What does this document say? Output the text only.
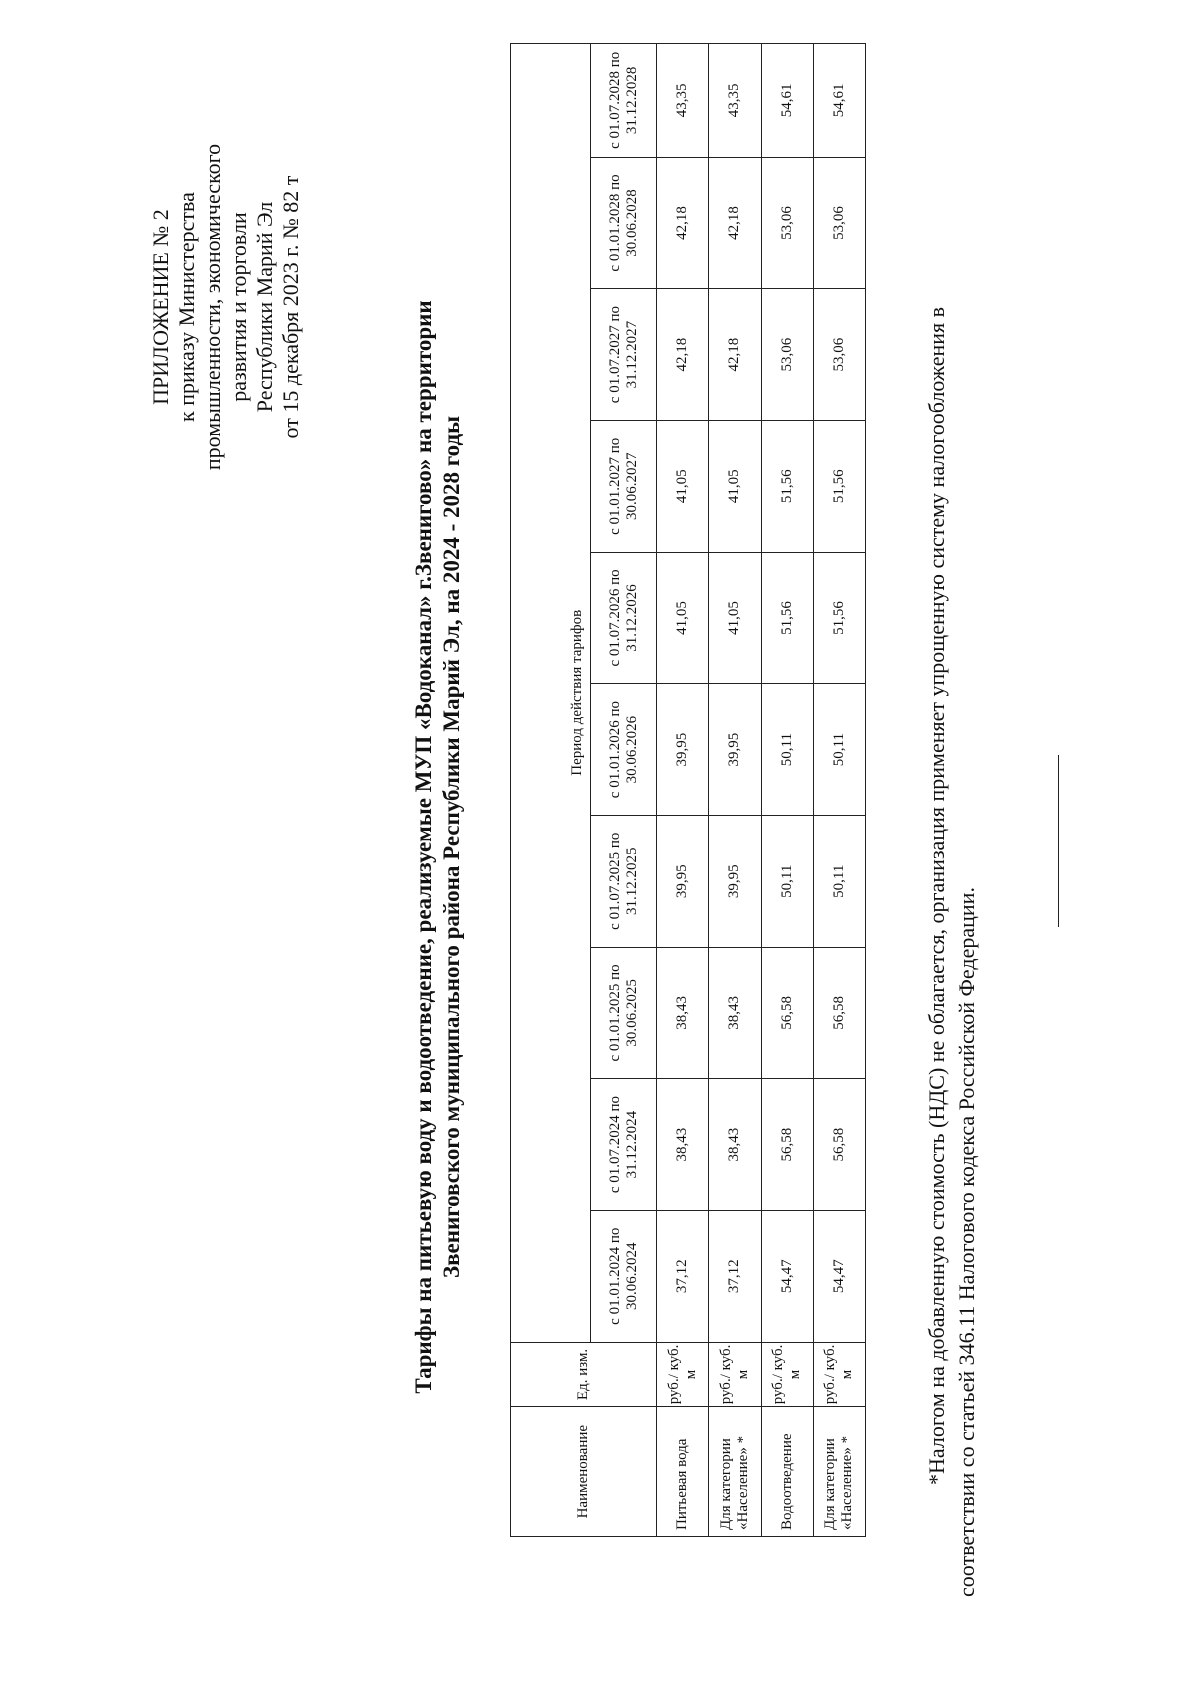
ПРИЛОЖЕНИЕ № 2 к приказу Министерства промышленности, экономического развития и торговли Республики Марий Эл от 15 декабря 2023 г. № 82 т	Тарифы на питьевую воду и водоотведение, реализуемые МУП «Водоканал» г.Звенигово» на территории Звениговского муниципального района Республики Марий Эл, на 2024 - 2028 годы
Наименование	Ед. изм.	Период действия тарифов									
		с 01.01.2024 по 30.06.2024	с 01.07.2024 по 31.12.2024	с 01.01.2025 по 30.06.2025	с 01.07.2025 по 31.12.2025	с 01.01.2026 по 30.06.2026	с 01.07.2026 по 31.12.2026	с 01.01.2027 по 30.06.2027	с 01.07.2027 по 31.12.2027	с 01.01.2028 по 30.06.2028	с 01.07.2028 по 31.12.2028
Питьевая вода	руб./ куб. м	37,12	38,43	38,43	39,95	39,95	41,05	41,05	42,18	42,18	43,35
Для категории «Население» *	руб./ куб. м	37,12	38,43	38,43	39,95	39,95	41,05	41,05	42,18	42,18	43,35
Водоотведение	руб./ куб. м	54,47	56,58	56,58	50,11	50,11	51,56	51,56	53,06	53,06	54,61
Для категории «Население» *	руб./ куб. м	54,47	56,58	56,58	50,11	50,11	51,56	51,56	53,06	53,06	54,61
*Налогом на добавленную стоимость (НДС) не облагается, организация применяет упрощенную систему налогообложения в соответствии со статьей 346.11 Налогового кодекса Российской Федерации.
